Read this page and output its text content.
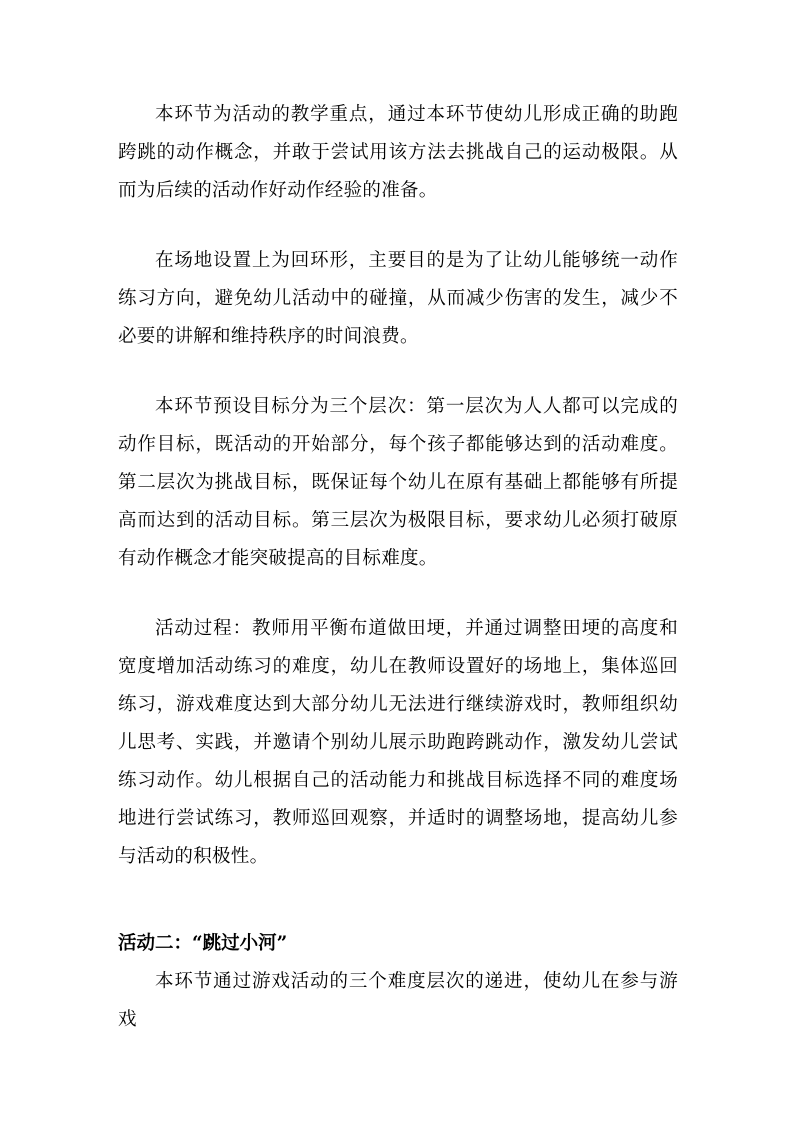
本环节为活动的教学重点，通过本环节使幼儿形成正确的助跑跨跳的动作概念，并敢于尝试用该方法去挑战自己的运动极限。从而为后续的活动作好动作经验的准备。

在场地设置上为回环形，主要目的是为了让幼儿能够统一动作练习方向，避免幼儿活动中的碰撞，从而减少伤害的发生，减少不必要的讲解和维持秩序的时间浪费。

本环节预设目标分为三个层次：第一层次为人人都可以完成的动作目标，既活动的开始部分，每个孩子都能够达到的活动难度。第二层次为挑战目标，既保证每个幼儿在原有基础上都能够有所提高而达到的活动目标。第三层次为极限目标，要求幼儿必须打破原有动作概念才能突破提高的目标难度。

活动过程：教师用平衡布道做田埂，并通过调整田埂的高度和宽度增加活动练习的难度，幼儿在教师设置好的场地上，集体巡回练习，游戏难度达到大部分幼儿无法进行继续游戏时，教师组织幼儿思考、实践，并邀请个别幼儿展示助跑跨跳动作，激发幼儿尝试练习动作。幼儿根据自己的活动能力和挑战目标选择不同的难度场地进行尝试练习，教师巡回观察，并适时的调整场地，提高幼儿参与活动的积极性。

活动二：“跳过小河”

本环节通过游戏活动的三个难度层次的递进，使幼儿在参与游戏
